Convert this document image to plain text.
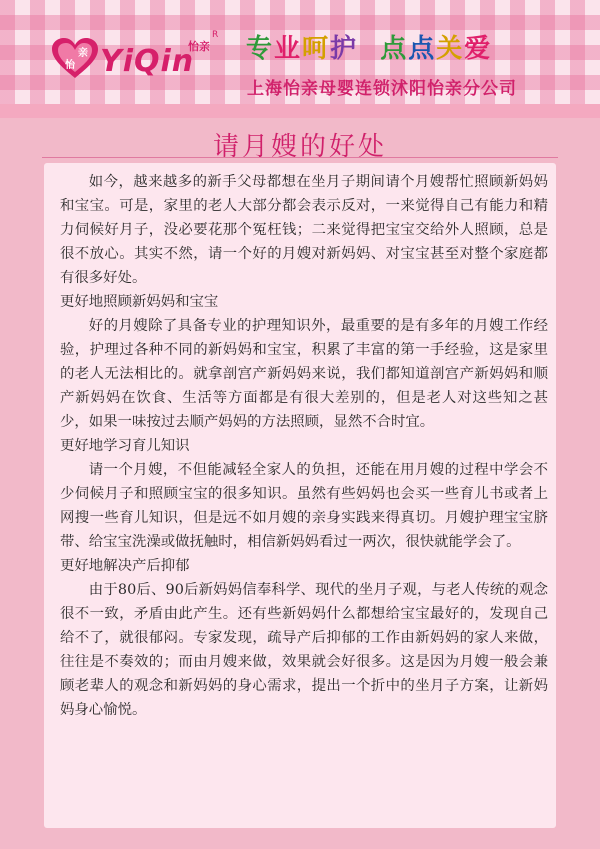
亲
怡 YiQin
怡亲
R 专业呵护 点点关爱
上海怡亲母婴连锁沭阳怡亲分公司
请月嫂的好处

如今，越来越多的新手父母都想在坐月子期间请个月嫂帮忙照顾新妈妈和宝宝。可是，家里的老人大部分都会表示反对，一来觉得自己有能力和精力伺候好月子，没必要花那个冤枉钱；二来觉得把宝宝交给外人照顾，总是很不放心。其实不然，请一个好的月嫂对新妈妈、对宝宝甚至对整个家庭都有很多好处。

更好地照顾新妈妈和宝宝

好的月嫂除了具备专业的护理知识外，最重要的是有多年的月嫂工作经验，护理过各种不同的新妈妈和宝宝，积累了丰富的第一手经验，这是家里的老人无法相比的。就拿剖宫产新妈妈来说，我们都知道剖宫产新妈妈和顺产新妈妈在饮食、生活等方面都是有很大差别的，但是老人对这些知之甚少，如果一味按过去顺产妈妈的方法照顾，显然不合时宜。

更好地学习育儿知识

请一个月嫂，不但能减轻全家人的负担，还能在用月嫂的过程中学会不少伺候月子和照顾宝宝的很多知识。虽然有些妈妈也会买一些育儿书或者上网搜一些育儿知识，但是远不如月嫂的亲身实践来得真切。月嫂护理宝宝脐带、给宝宝洗澡或做抚触时，相信新妈妈看过一两次，很快就能学会了。

更好地解决产后抑郁

由于80后、90后新妈妈信奉科学、现代的坐月子观，与老人传统的观念很不一致，矛盾由此产生。还有些新妈妈什么都想给宝宝最好的，发现自己给不了，就很郁闷。专家发现，疏导产后抑郁的工作由新妈妈的家人来做，往往是不奏效的；而由月嫂来做，效果就会好很多。这是因为月嫂一般会兼顾老辈人的观念和新妈妈的身心需求，提出一个折中的坐月子方案，让新妈妈身心愉悦。
